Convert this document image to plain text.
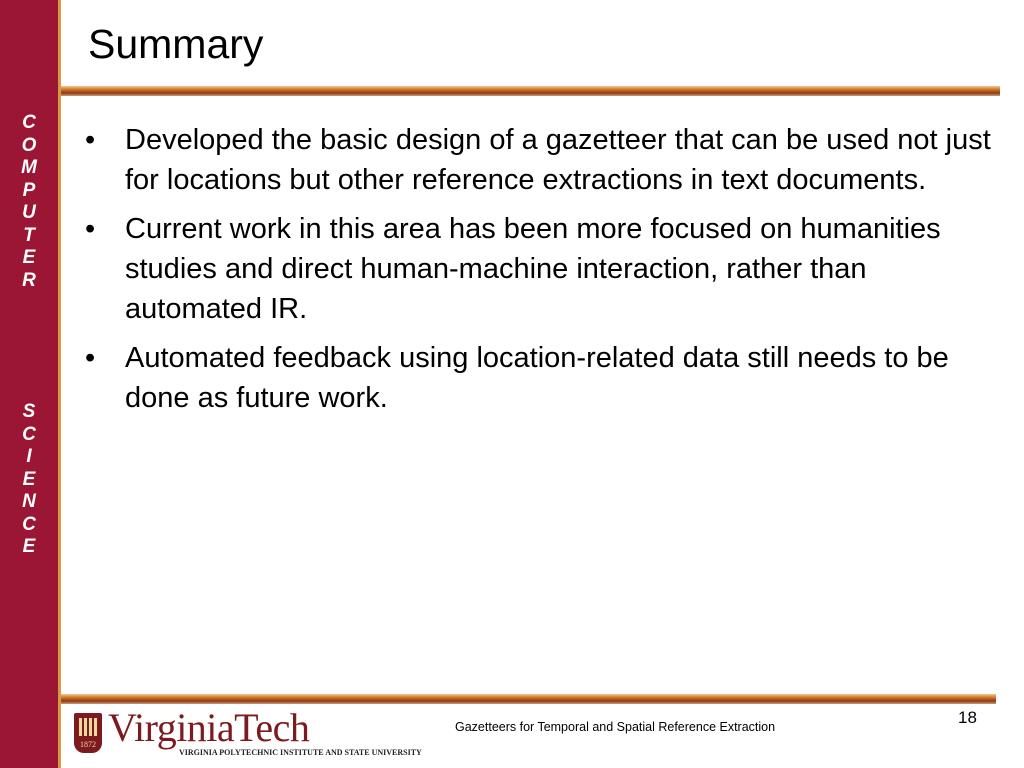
C
O
M
P
U
T
E
R
S
C
I
E
N
C
E
Summary
• Developed the basic design of a gazetteer that can be used not just for locations but other reference extractions in text documents.
• Current work in this area has been more focused on humanities studies and direct human-machine interaction, rather than automated IR.
• Automated feedback using location-related data still needs to be done as future work.
1872 VirginiaTech
VIRGINIA POLYTECHNIC INSTITUTE AND STATE UNIVERSITY
Gazetteers for Temporal and Spatial Reference Extraction	18
